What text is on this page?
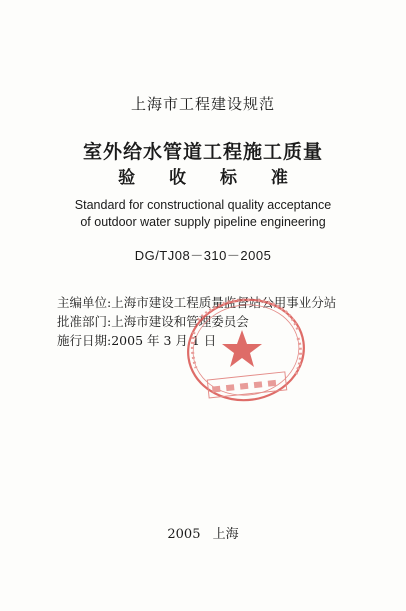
上海市工程建设规范
室外给水管道工程施工质量
验 收 标 准
Standard for constructional quality acceptance
of outdoor water supply pipeline engineering
DG/TJ08－310－2005
主编单位:上海市建设工程质量监督站公用事业分站
批准部门:上海市建设和管理委员会
施行日期:2005 年 3 月 1 日
2005 上海
